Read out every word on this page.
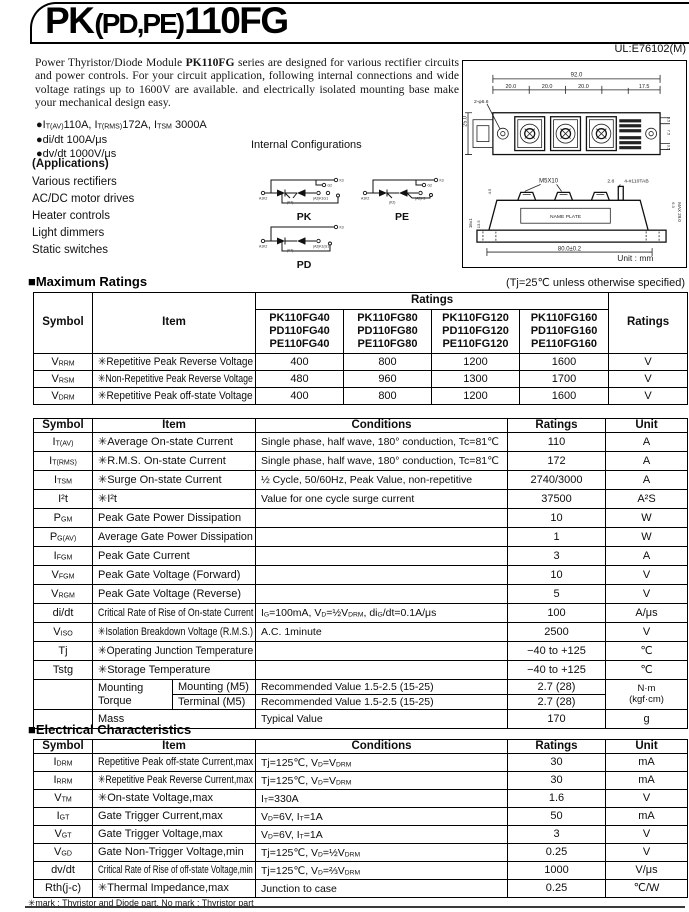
PK (PD,PE) 110FG
UL:E76102(M)
Power Thyristor/Diode Module PK110FG series are designed for various rectifier circuits and power controls. For your circuit application, following internal connections and wide voltage ratings up to 1600V are available. and electrically isolated mounting base make your mechanical design easy.
$●I_{T(AV)}110A$, $I_{T(RMS)}172A$, $I_{TSM}$ 3000A
●di/dt 100A/μs
●dv/dt 1000V/μs
Internal Configurations
(Applications)
Various rectifiers
AC/DC motor drives
Heater controls
Light dimmers
Static switches
A1K2
(K2)
(A2)K1G1
K3
G2
PK
A1K2
(K2)
(A2)K1
K3
G2
PE
A1K2
(K2)
(A2)K1(G1)
K3
PD
92.0
20.0	20.0	20.0	17.5
2-φ6.6
3.5
7.5
3.5
25.0
M5X10	2.8 4-#110TAB
NAME PLATE
80.0±0.2
4.5
16±1 13.5
6.3 MAX 29.0
Unit : mm
■Maximum Ratings	(Tj=25℃ unless otherwise specified)
Symbol	Item	Ratings				Ratings
		PK110FG40
PD110FG40
PE110FG40	PK110FG80
PD110FG80
PE110FG80	PK110FG120
PD110FG120
PE110FG120	PK110FG160
PD110FG160
PE110FG160	
$V_{RRM}$	✳Repetitive Peak Reverse Voltage	400	800	1200	1600	V
$V_{RSM}$	✳Non-Repetitive Peak Reverse Voltage	480	960	1300	1700	V
$V_{DRM}$	✳Repetitive Peak off-state Voltage	400	800	1200	1600	V
Symbol	Item		Conditions	Ratings	Unit
$I_{T(AV)}$	✳Average On-state Current		Single phase, half wave, 180° conduction, Tc=81℃	110	A
$I_{T(RMS)}$	✳R.M.S. On-state Current		Single phase, half wave, 180° conduction, Tc=81℃	172	A
$I_{TSM}$	✳Surge On-state Current		½ Cycle, 50/60Hz, Peak Value, non-repetitive	2740/3000	A
I²t	✳I²t		Value for one cycle surge current	37500	A²S
$P_{GM}$	Peak Gate Power Dissipation			10	W
$P_{G(AV)}$	Average Gate Power Dissipation			1	W
$I_{FGM}$	Peak Gate Current			3	A
$V_{FGM}$	Peak Gate Voltage (Forward)			10	V
$V_{RGM}$	Peak Gate Voltage (Reverse)			5	V
di/dt	Critical Rate of Rise of On-state Current		$I_G=100mA$, $V_D=\frac{1}{2}V_{DRM}$, $di_G/dt=0.1A/\mu s$	100	A/μs
$V_{ISO}$	✳Isolation Breakdown Voltage (R.M.S.)		A.C. 1minute	2500	V
Tj	✳Operating Junction Temperature			−40 to +125	℃
Tstg	✳Storage Temperature			−40 to +125	℃
	Mounting
Torque	Mounting (M5)	Recommended Value 1.5-2.5 (15-25)	2.7 (28)	N·m
(kgf·cm)
		Terminal (M5)	Recommended Value 1.5-2.5 (15-25)	2.7 (28)	
	Mass		Typical Value	170	g
■Electrical Characteristics
Symbol	Item	Conditions	Ratings	Unit
$I_{DRM}$	Repetitive Peak off-state Current,max	Tj=125℃, $V_D=V_{DRM}$	30	mA
$I_{RRM}$	✳Repetitive Peak Reverse Current,max	Tj=125℃, $V_D=V_{DRM}$	30	mA
$V_{TM}$	✳On-state Voltage,max	$I_T=330A$	1.6	V
$I_{GT}$	Gate Trigger Current,max	$V_D=6V$, $I_T=1A$	50	mA
$V_{GT}$	Gate Trigger Voltage,max	$V_D=6V$, $I_T=1A$	3	V
$V_{GD}$	Gate Non-Trigger Voltage,min	Tj=125℃, $V_D=\frac{1}{2}V_{DRM}$	0.25	V
dv/dt	Critical Rate of Rise of off-state Voltage,min	Tj=125℃, $V_D=\frac{2}{3}V_{DRM}$	1000	V/μs
Rth(j-c)	✳Thermal Impedance,max	Junction to case	0.25	℃/W
✳mark : Thyristor and Diode part. No mark : Thyristor part
